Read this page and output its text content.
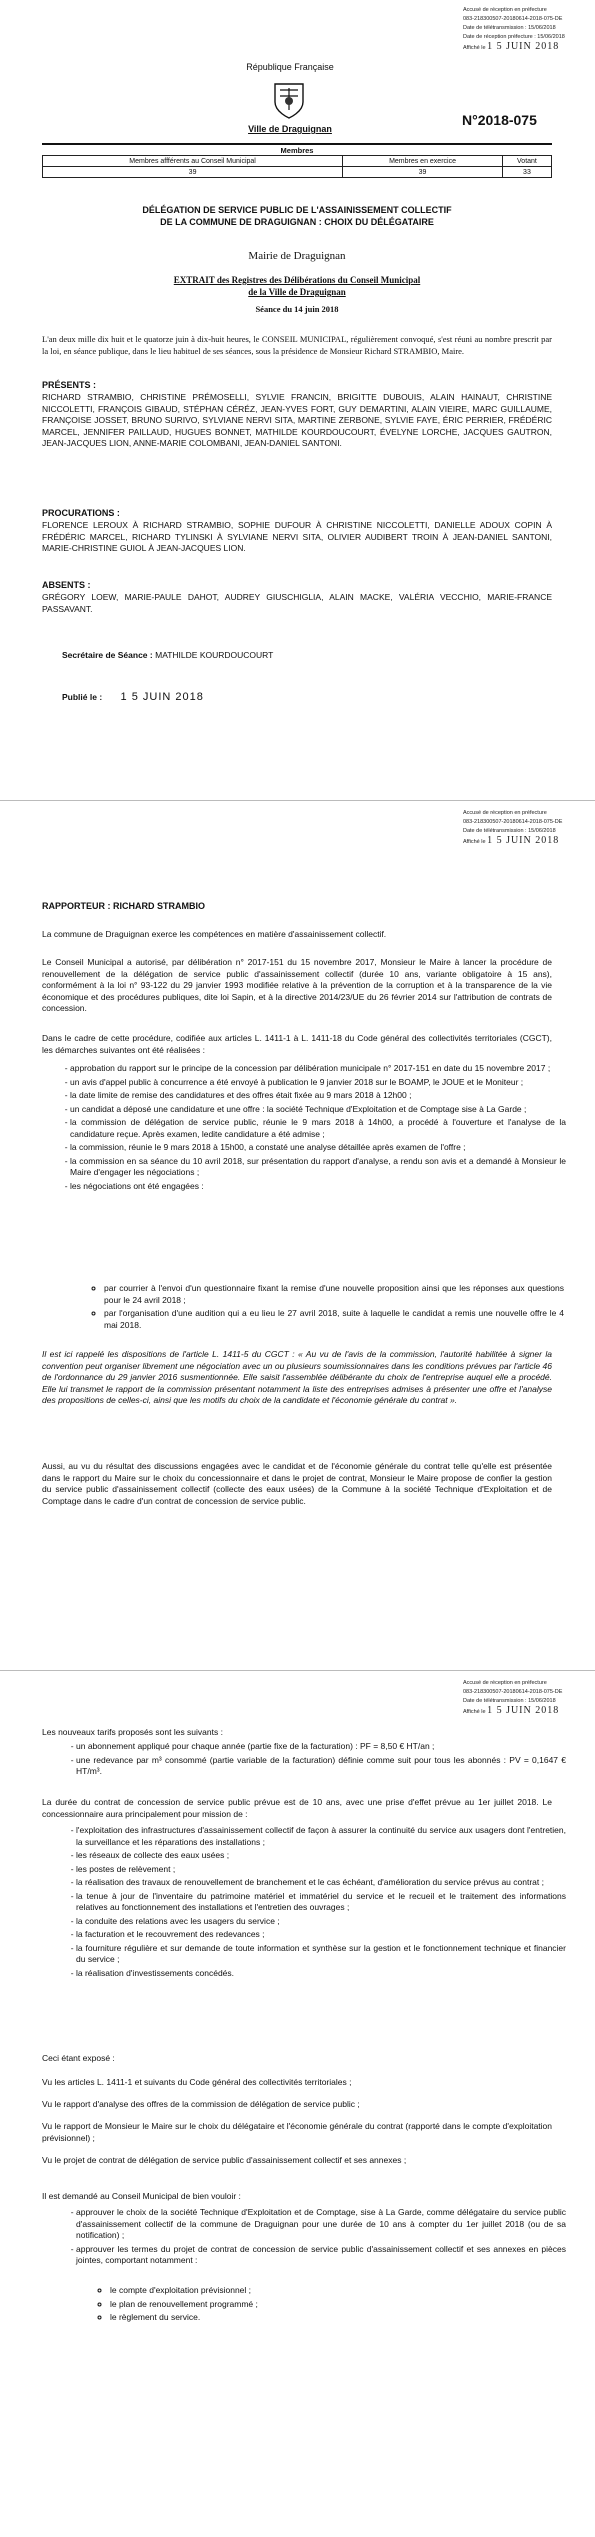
Accusé de réception en préfecture
083-218300507-20180614-2018-075-DE
Date de télétransmission : 15/06/2018
Date de réception préfecture : 15/06/2018
Affiché le 1 5 JUIN 2018
République Française
Ville de Draguignan
N°2018-075
Membres
Membres affférents au Conseil Municipal	Membres en exercice	Votant
39	39	33
DÉLÉGATION DE SERVICE PUBLIC DE L'ASSAINISSEMENT COLLECTIF
DE LA COMMUNE DE DRAGUIGNAN : CHOIX DU DÉLÉGATAIRE
Mairie de Draguignan
EXTRAIT des Registres des Délibérations du Conseil Municipal
de la Ville de Draguignan
Séance du 14 juin 2018
L'an deux mille dix huit et le quatorze juin à dix-huit heures, le CONSEIL MUNICIPAL, régulièrement convoqué, s'est réuni au nombre prescrit par la loi, en séance publique, dans le lieu habituel de ses séances, sous la présidence de Monsieur Richard STRAMBIO, Maire.
PRÉSENTS :
RICHARD STRAMBIO, CHRISTINE PRÉMOSELLI, SYLVIE FRANCIN, BRIGITTE DUBOUIS, ALAIN HAINAUT, CHRISTINE NICCOLETTI, FRANÇOIS GIBAUD, STÉPHAN CÉRÉZ, JEAN-YVES FORT, GUY DEMARTINI, ALAIN VIEIRE, MARC GUILLAUME, FRANÇOISE JOSSET, BRUNO SURIVO, SYLVIANE NERVI SITA, MARTINE ZERBONE, SYLVIE FAYE, ÉRIC PERRIER, FRÉDÉRIC MARCEL, JENNIFER PAILLAUD, HUGUES BONNET, MATHILDE KOURDOUCOURT, ÉVELYNE LORCHE, JACQUES GAUTRON, JEAN-JACQUES LION, ANNE-MARIE COLOMBANI, JEAN-DANIEL SANTONI.
PROCURATIONS :
FLORENCE LEROUX À RICHARD STRAMBIO, SOPHIE DUFOUR À CHRISTINE NICCOLETTI, DANIELLE ADOUX COPIN À FRÉDÉRIC MARCEL, RICHARD TYLINSKI À SYLVIANE NERVI SITA, OLIVIER AUDIBERT TROIN À JEAN-DANIEL SANTONI, MARIE-CHRISTINE GUIOL À JEAN-JACQUES LION.
ABSENTS :
GRÉGORY LOEW, MARIE-PAULE DAHOT, AUDREY GIUSCHIGLIA, ALAIN MACKE, VALÉRIA VECCHIO, MARIE-FRANCE PASSAVANT.
Secrétaire de Séance : MATHILDE KOURDOUCOURT
Publié le : 1 5 JUIN 2018
Accusé de réception en préfecture
083-218300507-20180614-2018-075-DE
Date de télétransmission : 15/06/2018
Affiché le 1 5 JUIN 2018
RAPPORTEUR : RICHARD STRAMBIO
La commune de Draguignan exerce les compétences en matière d'assainissement collectif.
Le Conseil Municipal a autorisé, par délibération n° 2017-151 du 15 novembre 2017, Monsieur le Maire à lancer la procédure de renouvellement de la délégation de service public d'assainissement collectif (durée 10 ans, variante obligatoire à 15 ans), conformément à la loi n° 93-122 du 29 janvier 1993 modifiée relative à la prévention de la corruption et à la transparence de la vie économique et des procédures publiques, dite loi Sapin, et à la directive 2014/23/UE du 26 février 2014 sur l'attribution de contrats de concession.
Dans le cadre de cette procédure, codifiée aux articles L. 1411-1 à L. 1411-18 du Code général des collectivités territoriales (CGCT), les démarches suivantes ont été réalisées :
- approbation du rapport sur le principe de la concession par délibération municipale n° 2017-151 en date du 15 novembre 2017 ;
- un avis d'appel public à concurrence a été envoyé à publication le 9 janvier 2018 sur le BOAMP, le JOUE et le Moniteur ;
- la date limite de remise des candidatures et des offres était fixée au 9 mars 2018 à 12h00 ;
- un candidat a déposé une candidature et une offre : la société Technique d'Exploitation et de Comptage sise à La Garde ;
- la commission de délégation de service public, réunie le 9 mars 2018 à 14h00, a procédé à l'ouverture et l'analyse de la candidature reçue. Après examen, ledite candidature a été admise ;
- la commission, réunie le 9 mars 2018 à 15h00, a constaté une analyse détaillée après examen de l'offre ;
- la commission en sa séance du 10 avril 2018, sur présentation du rapport d'analyse, a rendu son avis et a demandé à Monsieur le Maire d'engager les négociations ;
- les négociations ont été engagées :
◦ par courrier à l'envoi d'un questionnaire fixant la remise d'une nouvelle proposition ainsi que les réponses aux questions pour le 24 avril 2018 ;
◦ par l'organisation d'une audition qui a eu lieu le 27 avril 2018, suite à laquelle le candidat a remis une nouvelle offre le 4 mai 2018.
Il est ici rappelé les dispositions de l'article L. 1411-5 du CGCT : « Au vu de l'avis de la commission, l'autorité habilitée à signer la convention peut organiser librement une négociation avec un ou plusieurs soumissionnaires dans les conditions prévues par l'article 46 de l'ordonnance du 29 janvier 2016 susmentionnée. Elle saisit l'assemblée délibérante du choix de l'entreprise auquel elle a procédé. Elle lui transmet le rapport de la commission présentant notamment la liste des entreprises admises à présenter une offre et l'analyse des propositions de celles-ci, ainsi que les motifs du choix de la candidate et l'économie générale du contrat ».
Aussi, au vu du résultat des discussions engagées avec le candidat et de l'économie générale du contrat telle qu'elle est présentée dans le rapport du Maire sur le choix du concessionnaire et dans le projet de contrat, Monsieur le Maire propose de confier la gestion du service public d'assainissement collectif (collecte des eaux usées) de la Commune à la société Technique d'Exploitation et de Comptage dans le cadre d'un contrat de concession de service public.
Accusé de réception en préfecture
083-218300507-20180614-2018-075-DE
Date de télétransmission : 15/06/2018
Affiché le 1 5 JUIN 2018
Les nouveaux tarifs proposés sont les suivants :
- un abonnement appliqué pour chaque année (partie fixe de la facturation) : PF = 8,50 € HT/an ;
- une redevance par m³ consommé (partie variable de la facturation) définie comme suit pour tous les abonnés : PV = 0,1647 € HT/m³.
La durée du contrat de concession de service public prévue est de 10 ans, avec une prise d'effet prévue au 1er juillet 2018. Le concessionnaire aura principalement pour mission de :
- l'exploitation des infrastructures d'assainissement collectif de façon à assurer la continuité du service aux usagers dont l'entretien, la surveillance et les réparations des installations ;
- les réseaux de collecte des eaux usées ;
- les postes de relèvement ;
- la réalisation des travaux de renouvellement de branchement et le cas échéant, d'amélioration du service prévus au contrat ;
- la tenue à jour de l'inventaire du patrimoine matériel et immatériel du service et le recueil et le traitement des informations relatives au fonctionnement des installations et l'entretien des ouvrages ;
- la conduite des relations avec les usagers du service ;
- la facturation et le recouvrement des redevances ;
- la fourniture régulière et sur demande de toute information et synthèse sur la gestion et le fonctionnement technique et financier du service ;
- la réalisation d'investissements concédés.
Ceci étant exposé :
Vu les articles L. 1411-1 et suivants du Code général des collectivités territoriales ;
Vu le rapport d'analyse des offres de la commission de délégation de service public ;
Vu le rapport de Monsieur le Maire sur le choix du délégataire et l'économie générale du contrat (rapporté dans le compte d'exploitation prévisionnel) ;
Vu le projet de contrat de délégation de service public d'assainissement collectif et ses annexes ;
Il est demandé au Conseil Municipal de bien vouloir :
- approuver le choix de la société Technique d'Exploitation et de Comptage, sise à La Garde, comme délégataire du service public d'assainissement collectif de la commune de Draguignan pour une durée de 10 ans à compter du 1er juillet 2018 (ou de sa notification) ;
- approuver les termes du projet de contrat de concession de service public d'assainissement collectif et ses annexes en pièces jointes, comportant notamment :
◦ le compte d'exploitation prévisionnel ;
◦ le plan de renouvellement programmé ;
◦ le règlement du service.
